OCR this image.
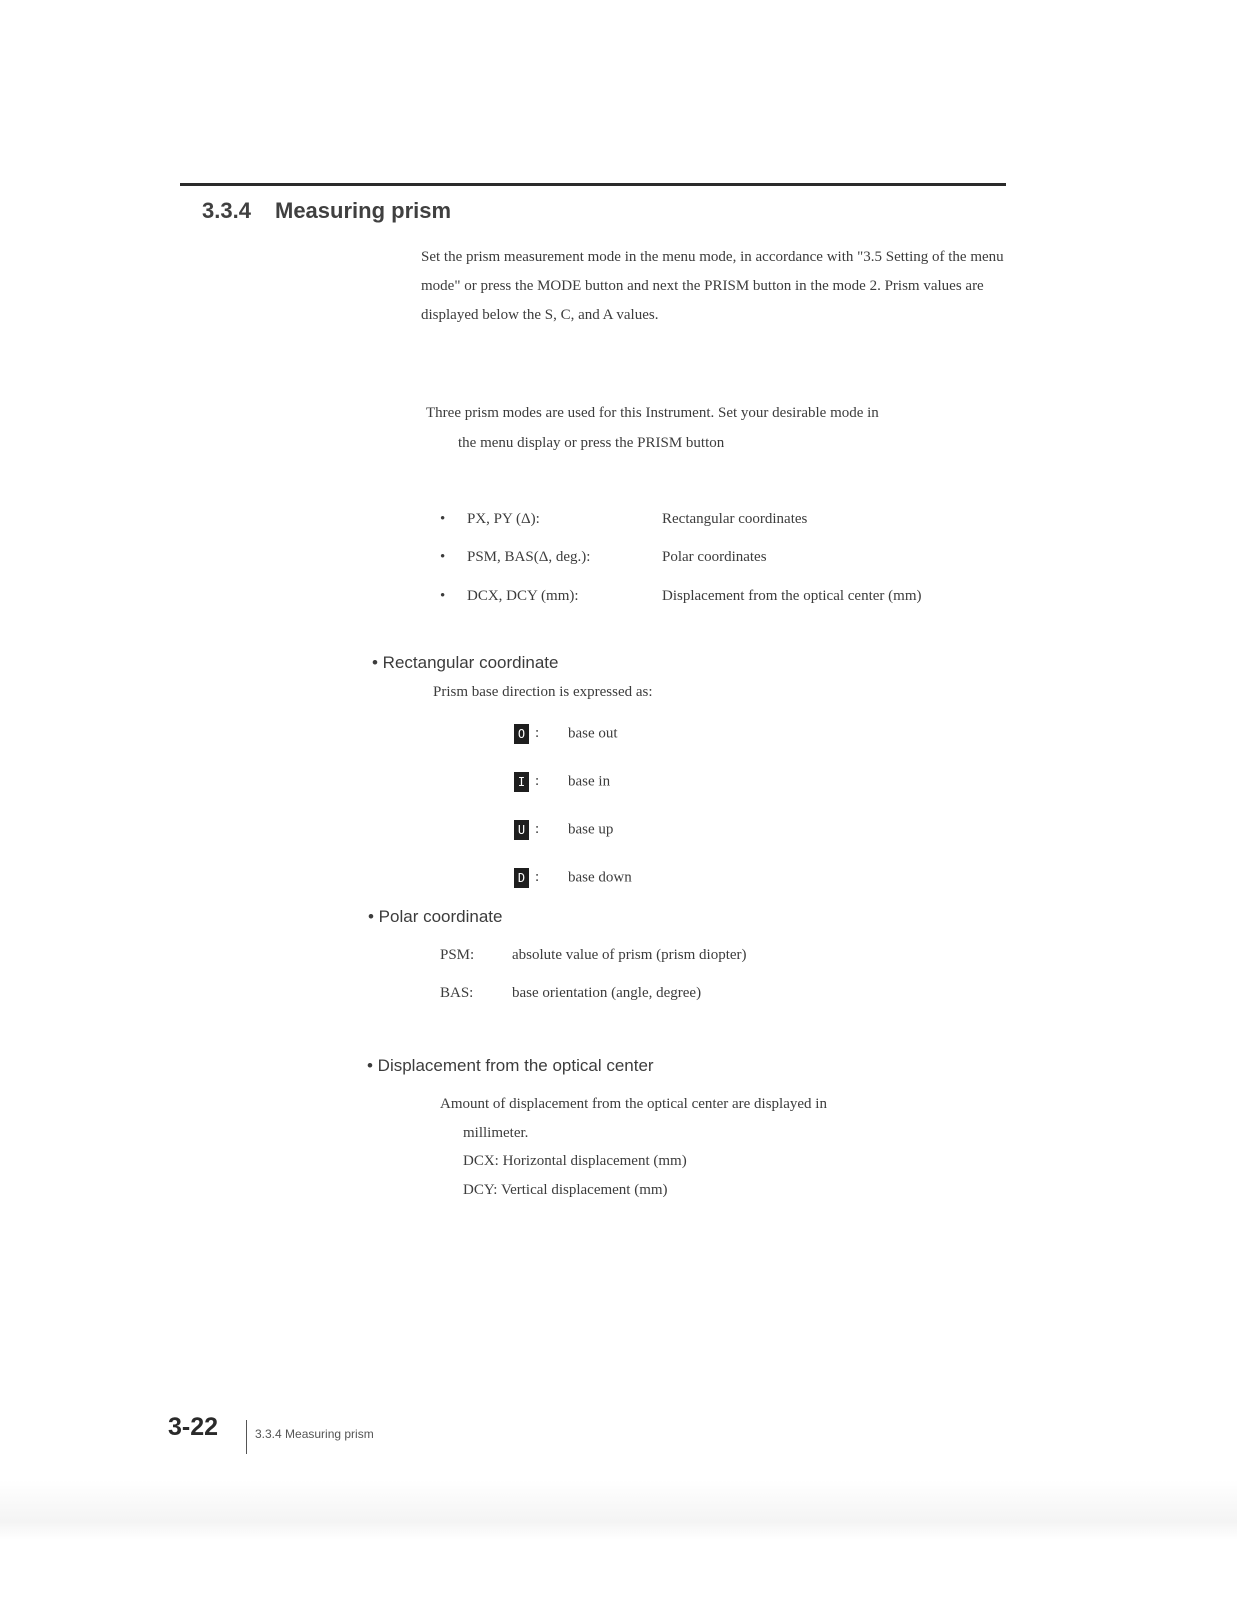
3.3.4 Measuring prism
Set the prism measurement mode in the menu mode, in accordance with "3.5 Setting of the menu mode" or press the MODE button and next the PRISM button in the mode 2. Prism values are displayed below the S, C, and A values.
Three prism modes are used for this Instrument. Set your desirable mode in
the menu display or press the PRISM button
• PX, PY (Δ):	Rectangular coordinates
• PSM, BAS(Δ, deg.):	Polar coordinates
• DCX, DCY (mm):	Displacement from the optical center (mm)
• Rectangular coordinate
Prism base direction is expressed as:
O : base out
I : base in
U : base up
D : base down
• Polar coordinate
PSM:	absolute value of prism (prism diopter)
BAS:	base orientation (angle, degree)
• Displacement from the optical center
Amount of displacement from the optical center are displayed in
millimeter.
DCX: Horizontal displacement (mm)
DCY: Vertical displacement (mm)
3-22	3.3.4 Measuring prism
